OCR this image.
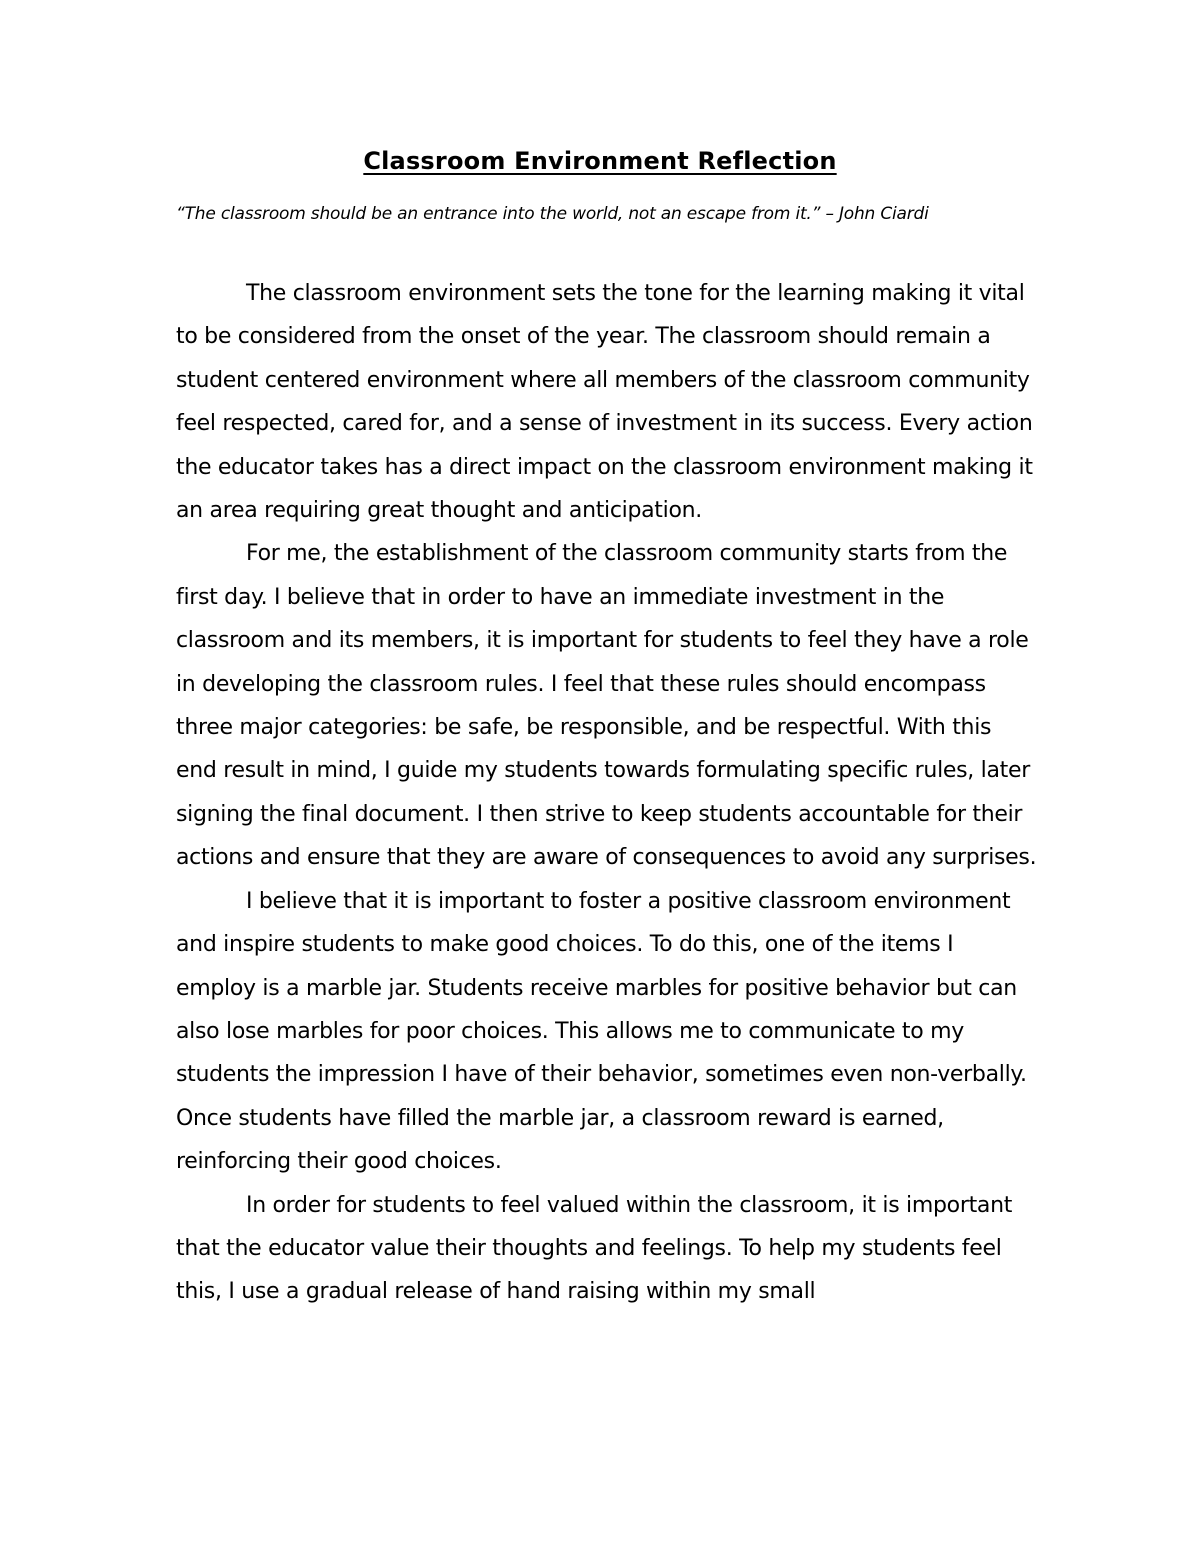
Classroom Environment Reflection

“The classroom should be an entrance into the world, not an escape from it.” – John Ciardi

The classroom environment sets the tone for the learning making it vital to be considered from the onset of the year. The classroom should remain a student centered environment where all members of the classroom community feel respected, cared for, and a sense of investment in its success. Every action the educator takes has a direct impact on the classroom environment making it an area requiring great thought and anticipation.

For me, the establishment of the classroom community starts from the first day. I believe that in order to have an immediate investment in the classroom and its members, it is important for students to feel they have a role in developing the classroom rules. I feel that these rules should encompass three major categories: be safe, be responsible, and be respectful. With this end result in mind, I guide my students towards formulating specific rules, later signing the final document. I then strive to keep students accountable for their actions and ensure that they are aware of consequences to avoid any surprises.

I believe that it is important to foster a positive classroom environment and inspire students to make good choices. To do this, one of the items I employ is a marble jar. Students receive marbles for positive behavior but can also lose marbles for poor choices. This allows me to communicate to my students the impression I have of their behavior, sometimes even non-verbally. Once students have filled the marble jar, a classroom reward is earned, reinforcing their good choices.

In order for students to feel valued within the classroom, it is important that the educator value their thoughts and feelings. To help my students feel this, I use a gradual release of hand raising within my small
